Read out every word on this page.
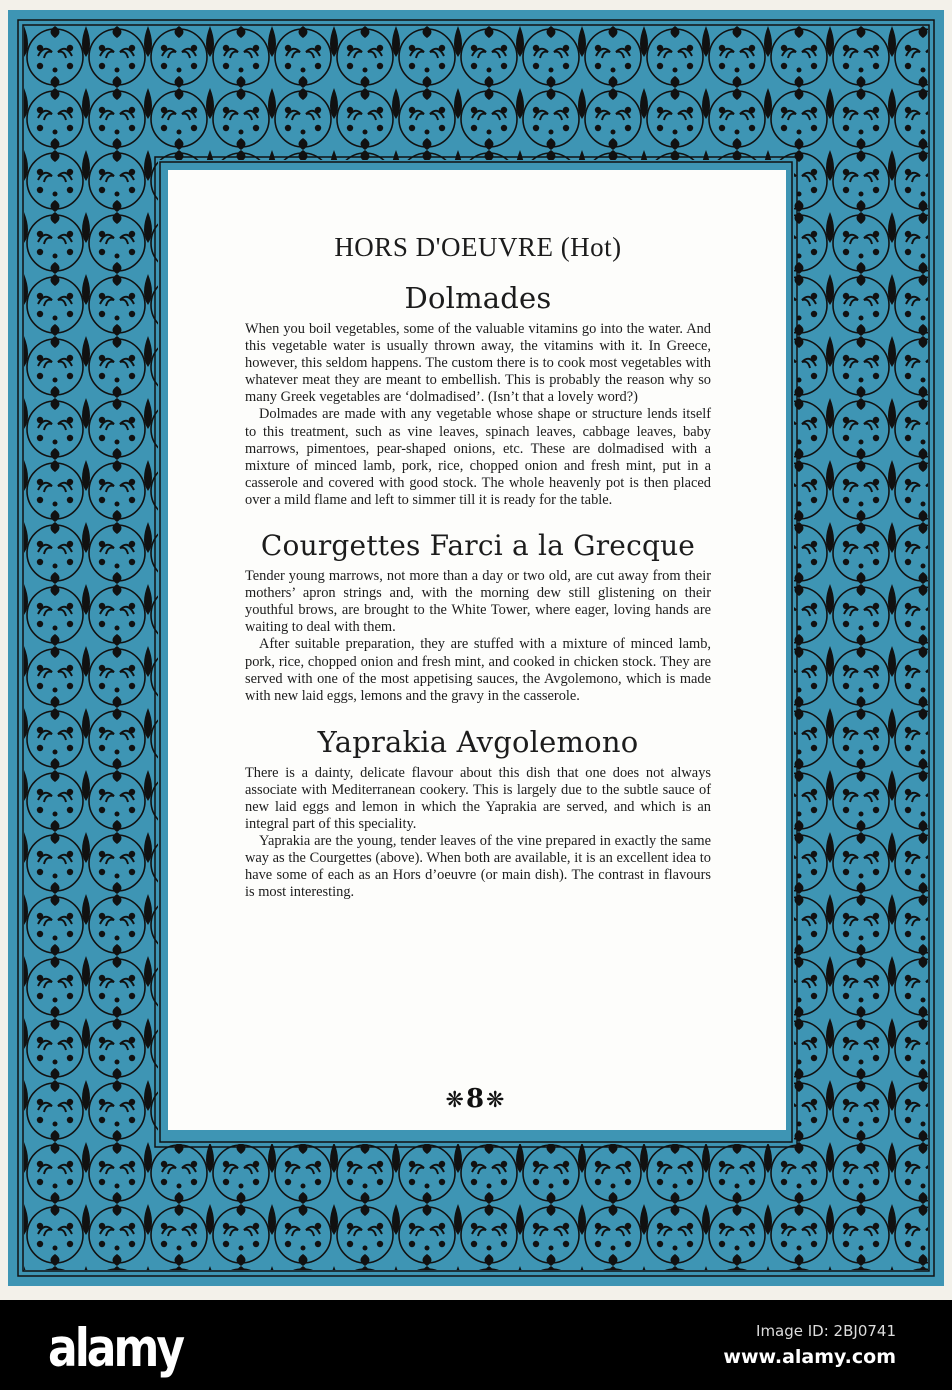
HORS D'OEUVRE (Hot)
Dolmades

When you boil vegetables, some of the valuable vitamins go into the water. And this vegetable water is usually thrown away, the vitamins with it. In Greece, however, this seldom happens. The custom there is to cook most vegetables with whatever meat they are meant to embellish. This is probably the reason why so many Greek vegetables are ‘dolmadised’. (Isn’t that a lovely word?)

Dolmades are made with any vegetable whose shape or structure lends itself to this treatment, such as vine leaves, spinach leaves, cabbage leaves, baby marrows, pimentoes, pear-shaped onions, etc. These are dolmadised with a mixture of minced lamb, pork, rice, chopped onion and fresh mint, put in a casserole and covered with good stock. The whole heavenly pot is then placed over a mild flame and left to simmer till it is ready for the table.

Courgettes Farci a la Grecque

Tender young marrows, not more than a day or two old, are cut away from their mothers’ apron strings and, with the morning dew still glistening on their youthful brows, are brought to the White Tower, where eager, loving hands are waiting to deal with them.

After suitable preparation, they are stuffed with a mixture of minced lamb, pork, rice, chopped onion and fresh mint, and cooked in chicken stock. They are served with one of the most appetising sauces, the Avgolemono, which is made with new laid eggs, lemons and the gravy in the casserole.

Yaprakia Avgolemono

There is a dainty, delicate flavour about this dish that one does not always associate with Mediterranean cookery. This is largely due to the subtle sauce of new laid eggs and lemon in which the Yaprakia are served, and which is an integral part of this speciality.

Yaprakia are the young, tender leaves of the vine prepared in exactly the same way as the Courgettes (above). When both are available, it is an excellent idea to have some of each as an Hors d’oeuvre (or main dish). The contrast in flavours is most interesting.

❋8❋
alamy	Image ID: 2BJ0741
www.alamy.com
